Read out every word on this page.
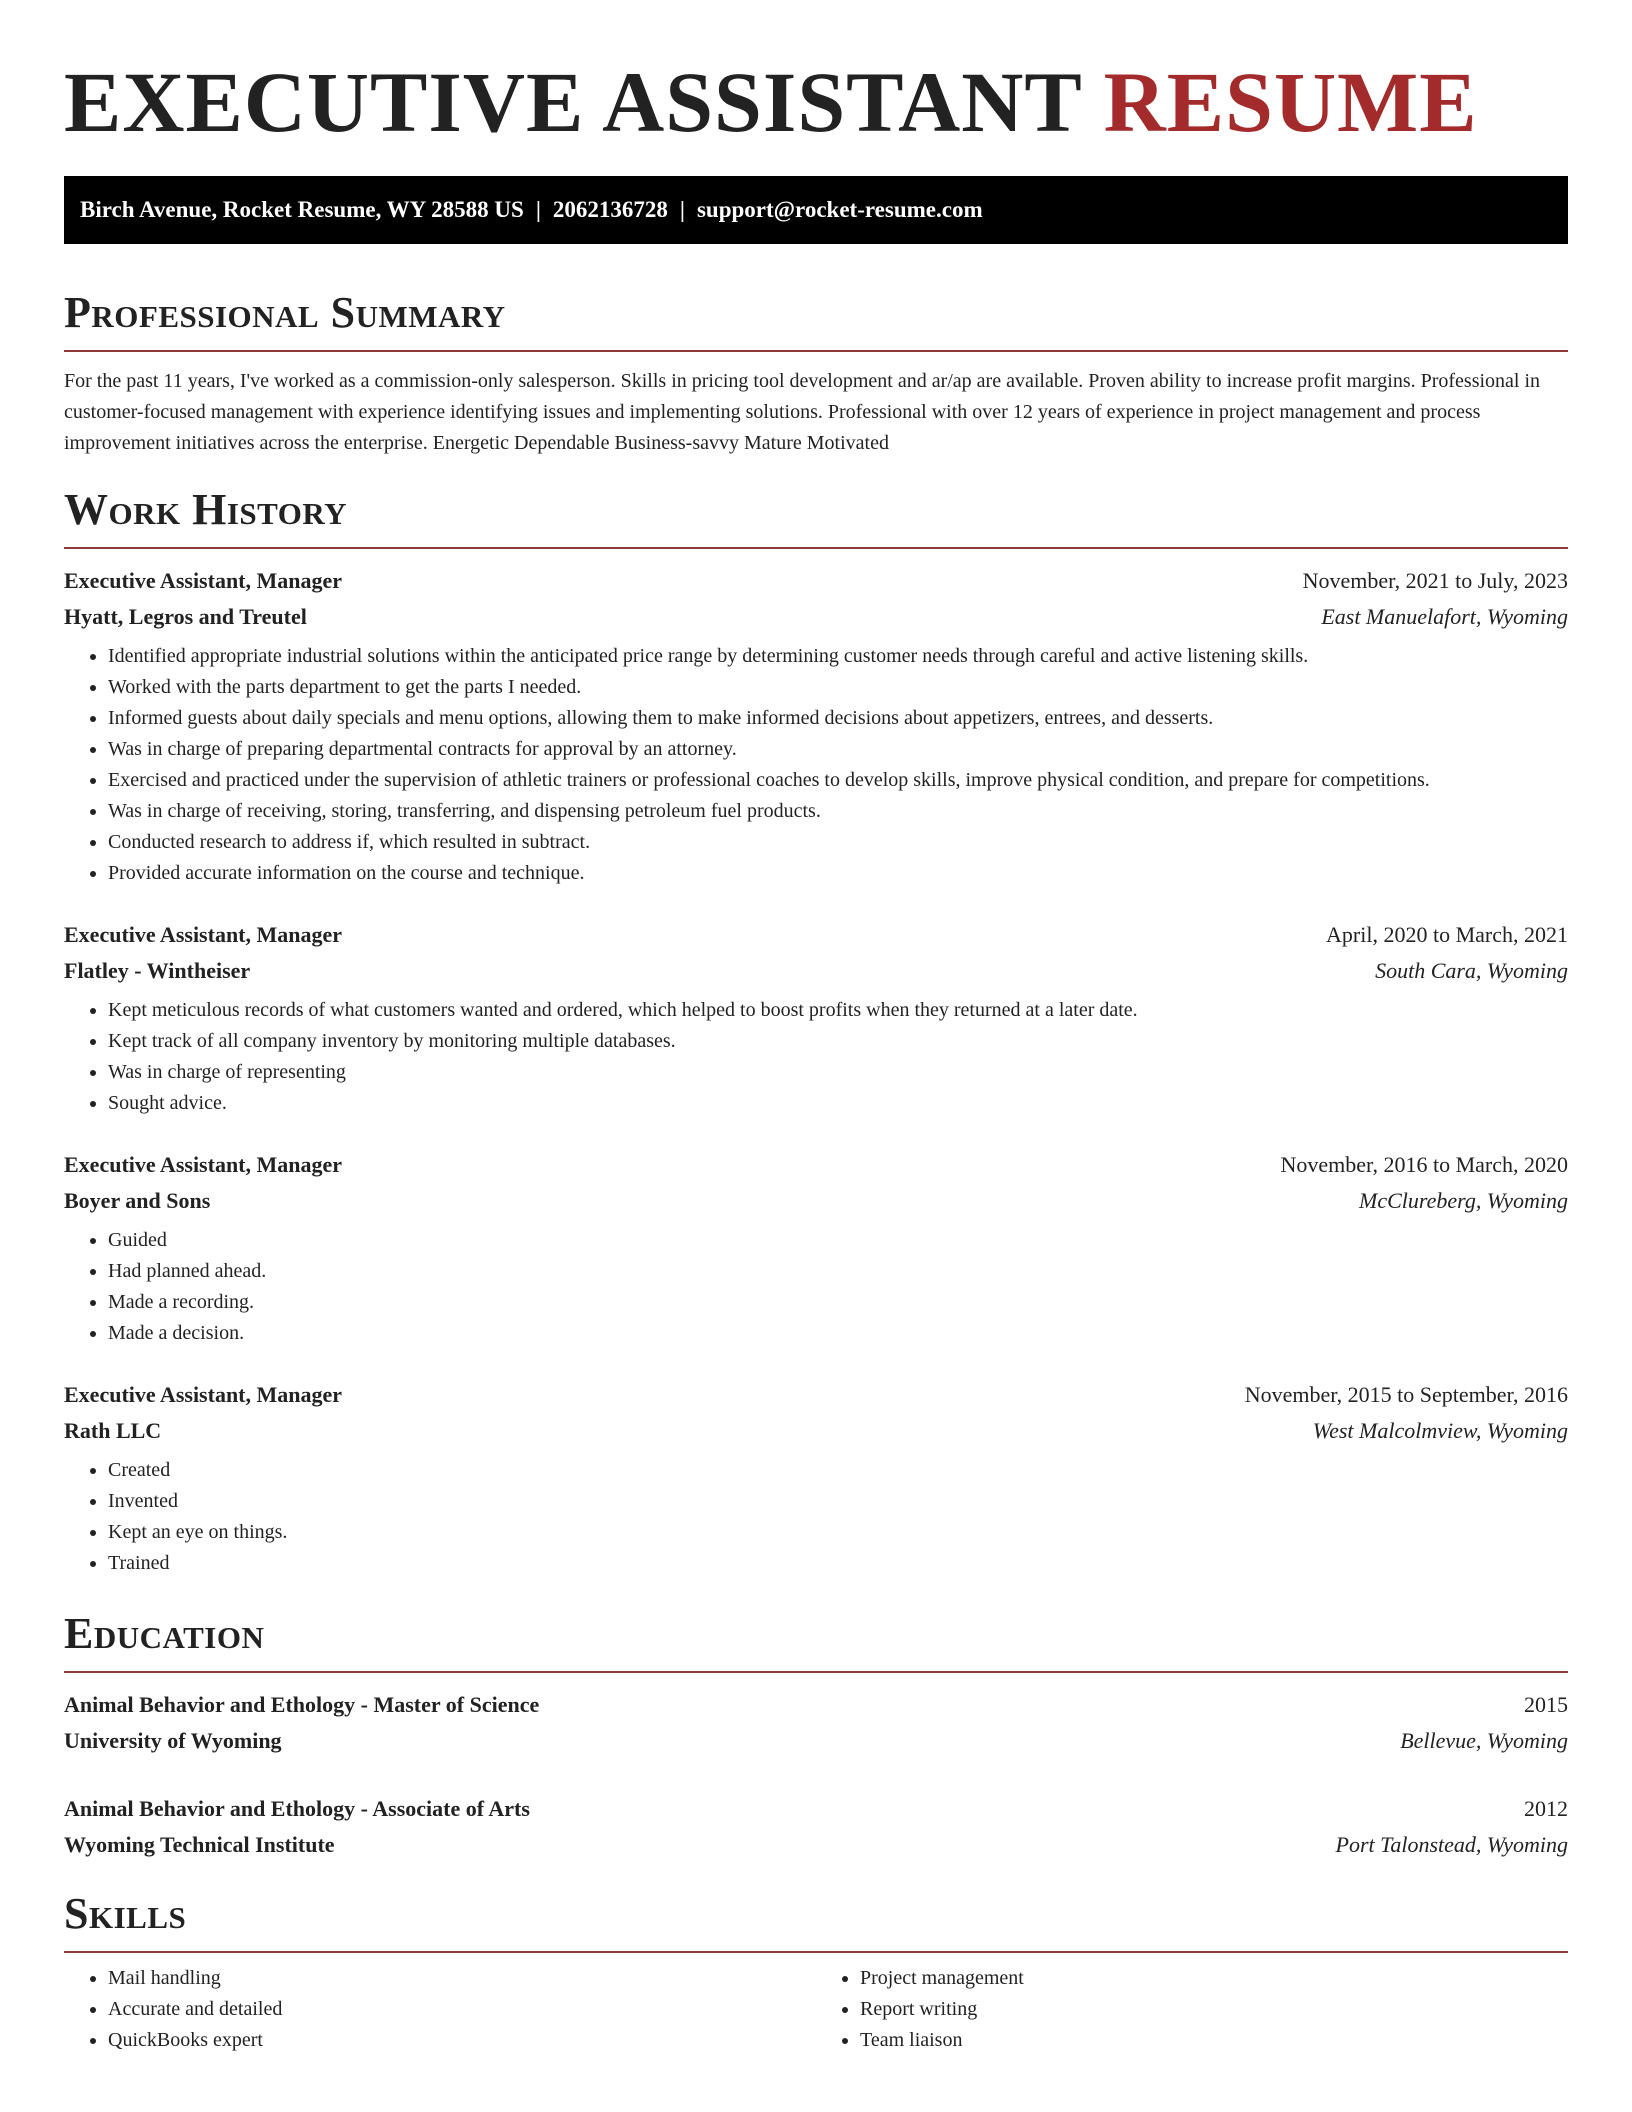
EXECUTIVE ASSISTANT RESUME
Birch Avenue, Rocket Resume, WY 28588 US | 2062136728 | support@rocket-resume.com
Professional Summary

For the past 11 years, I've worked as a commission-only salesperson. Skills in pricing tool development and ar/ap are available. Proven ability to increase profit margins. Professional in customer-focused management with experience identifying issues and implementing solutions. Professional with over 12 years of experience in project management and process improvement initiatives across the enterprise. Energetic Dependable Business-savvy Mature Motivated

Work History
Executive Assistant, Manager	November, 2021 to July, 2023
Hyatt, Legros and Treutel	East Manuelafort, Wyoming
• Identified appropriate industrial solutions within the anticipated price range by determining customer needs through careful and active listening skills.
• Worked with the parts department to get the parts I needed.
• Informed guests about daily specials and menu options, allowing them to make informed decisions about appetizers, entrees, and desserts.
• Was in charge of preparing departmental contracts for approval by an attorney.
• Exercised and practiced under the supervision of athletic trainers or professional coaches to develop skills, improve physical condition, and prepare for competitions.
• Was in charge of receiving, storing, transferring, and dispensing petroleum fuel products.
• Conducted research to address if, which resulted in subtract.
• Provided accurate information on the course and technique.
Executive Assistant, Manager	April, 2020 to March, 2021
Flatley - Wintheiser	South Cara, Wyoming
• Kept meticulous records of what customers wanted and ordered, which helped to boost profits when they returned at a later date.
• Kept track of all company inventory by monitoring multiple databases.
• Was in charge of representing
• Sought advice.
Executive Assistant, Manager	November, 2016 to March, 2020
Boyer and Sons	McClureberg, Wyoming
• Guided
• Had planned ahead.
• Made a recording.
• Made a decision.
Executive Assistant, Manager	November, 2015 to September, 2016
Rath LLC	West Malcolmview, Wyoming
• Created
• Invented
• Kept an eye on things.
• Trained
Education
Animal Behavior and Ethology - Master of Science	2015
University of Wyoming	Bellevue, Wyoming
Animal Behavior and Ethology - Associate of Arts	2012
Wyoming Technical Institute	Port Talonstead, Wyoming
Skills
• Mail handling
• Accurate and detailed
• QuickBooks expert
• Project management
• Report writing
• Team liaison
